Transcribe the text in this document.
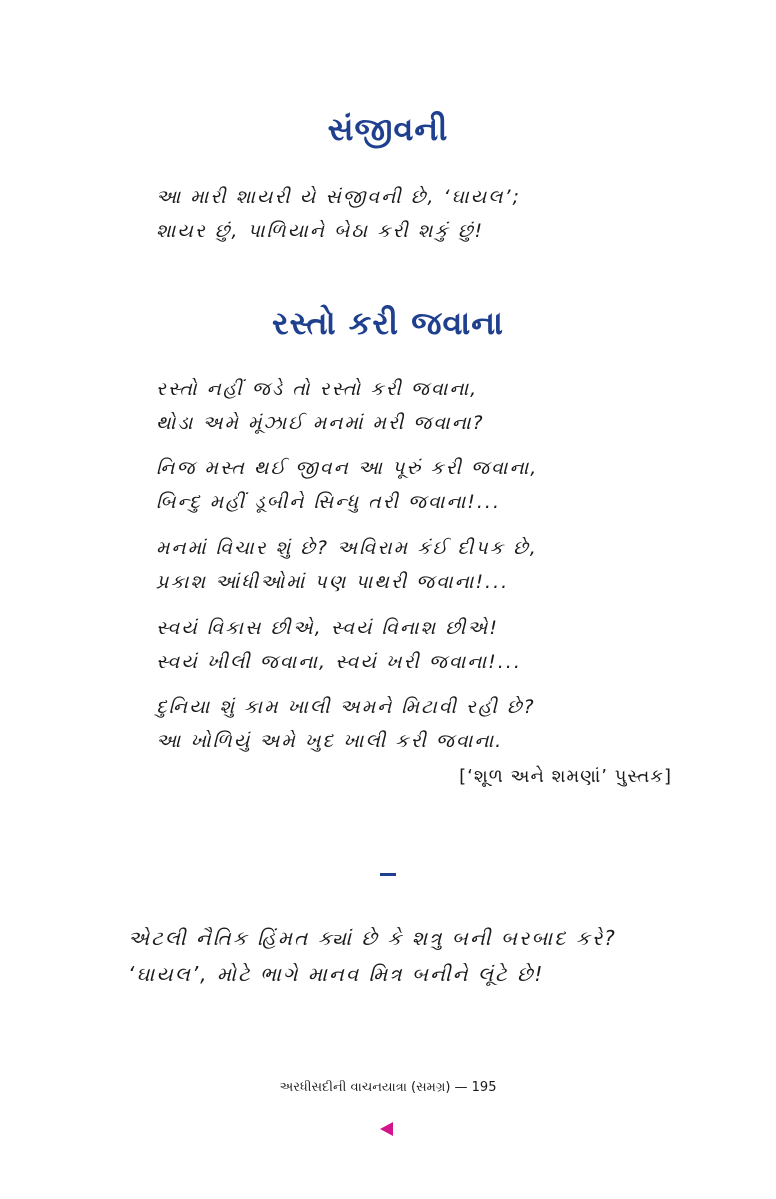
સંજીવની
આ મારી શાયરી યે સંજીવની છે, ‘ઘાયલ’;
શાયર છું, પાળિયાને બેઠા કરી શકું છું!
રસ્તો કરી જવાના
રસ્તો નહીં જડે તો રસ્તો કરી જવાના,
થોડા અમે મૂંઝાઈ મનમાં મરી જવાના?
નિજ મસ્ત થઈ જીવન આ પૂરું કરી જવાના,
બિન્દુ મહીં ડૂબીને સિન્ધુ તરી જવાના!...
મનમાં વિચાર શું છે? અવિરામ કંઈ દીપક છે,
પ્રકાશ આંધીઓમાં પણ પાથરી જવાના!...
સ્વયં વિકાસ છીએ, સ્વયં વિનાશ છીએ!
સ્વયં ખીલી જવાના, સ્વયં ખરી જવાના!...
દુનિયા શું કામ ખાલી અમને મિટાવી રહી છે?
આ ખોળિયું અમે ખુદ ખાલી કરી જવાના.
[‘શૂળ અને શમણાં’ પુસ્તક]
એટલી નૈતિક હિંમત ક્યાં છે કે શત્રુ બની બરબાદ કરે?
‘ઘાયલ’, મોટે ભાગે માનવ મિત્ર બનીને લૂંટે છે!
અરધીસદીની વાચનયાત્રા (સમગ્ર) — 195
